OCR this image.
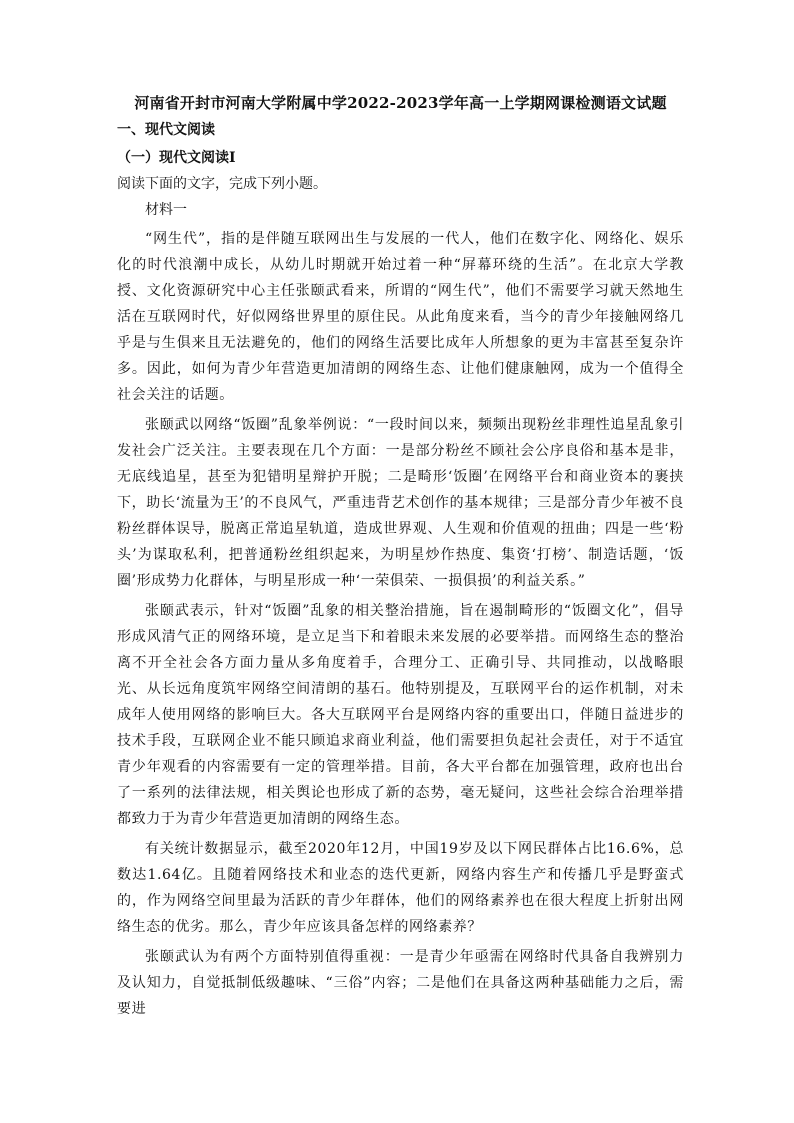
河南省开封市河南大学附属中学2022-2023学年高一上学期网课检测语文试题
一、现代文阅读
（一）现代文阅读Ⅰ
阅读下面的文字，完成下列小题。
材料一

“网生代”，指的是伴随互联网出生与发展的一代人，他们在数字化、网络化、娱乐化的时代浪潮中成长，从幼儿时期就开始过着一种“屏幕环绕的生活”。在北京大学教授、文化资源研究中心主任张颐武看来，所谓的“网生代”，他们不需要学习就天然地生活在互联网时代，好似网络世界里的原住民。从此角度来看，当今的青少年接触网络几乎是与生俱来且无法避免的，他们的网络生活要比成年人所想象的更为丰富甚至复杂许多。因此，如何为青少年营造更加清朗的网络生态、让他们健康触网，成为一个值得全社会关注的话题。

张颐武以网络“饭圈”乱象举例说：“一段时间以来，频频出现粉丝非理性追星乱象引发社会广泛关注。主要表现在几个方面：一是部分粉丝不顾社会公序良俗和基本是非，无底线追星，甚至为犯错明星辩护开脱；二是畸形‘饭圈’在网络平台和商业资本的裹挟下，助长‘流量为王’的不良风气，严重违背艺术创作的基本规律；三是部分青少年被不良粉丝群体误导，脱离正常追星轨道，造成世界观、人生观和价值观的扭曲；四是一些‘粉头’为谋取私利，把普通粉丝组织起来，为明星炒作热度、集资‘打榜’、制造话题，‘饭圈’形成势力化群体，与明星形成一种‘一荣俱荣、一损俱损’的利益关系。”

张颐武表示，针对“饭圈”乱象的相关整治措施，旨在遏制畸形的“饭圈文化”，倡导形成风清气正的网络环境，是立足当下和着眼未来发展的必要举措。而网络生态的整治离不开全社会各方面力量从多角度着手，合理分工、正确引导、共同推动，以战略眼光、从长远角度筑牢网络空间清朗的基石。他特别提及，互联网平台的运作机制，对未成年人使用网络的影响巨大。各大互联网平台是网络内容的重要出口，伴随日益进步的技术手段，互联网企业不能只顾追求商业利益，他们需要担负起社会责任，对于不适宜青少年观看的内容需要有一定的管理举措。目前，各大平台都在加强管理，政府也出台了一系列的法律法规，相关舆论也形成了新的态势，毫无疑问，这些社会综合治理举措都致力于为青少年营造更加清朗的网络生态。

有关统计数据显示，截至2020年12月，中国19岁及以下网民群体占比16.6%，总数达1.64亿。且随着网络技术和业态的迭代更新，网络内容生产和传播几乎是野蛮式的，作为网络空间里最为活跃的青少年群体，他们的网络素养也在很大程度上折射出网络生态的优劣。那么，青少年应该具备怎样的网络素养？

张颐武认为有两个方面特别值得重视：一是青少年亟需在网络时代具备自我辨别力及认知力，自觉抵制低级趣味、“三俗”内容；二是他们在具备这两种基础能力之后，需要进
